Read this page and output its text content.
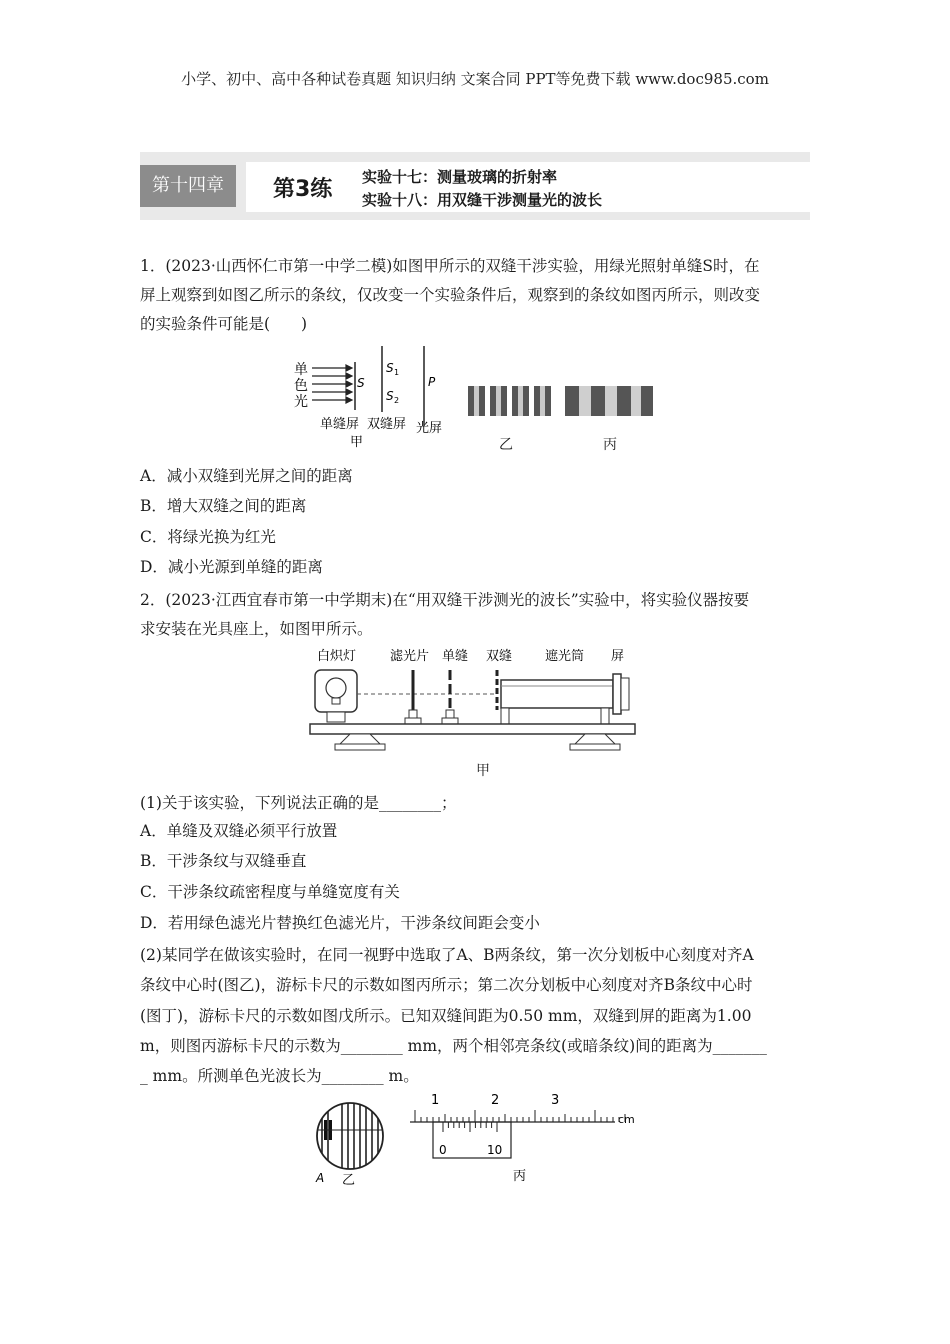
小学、初中、高中各种试卷真题 知识归纳 文案合同 PPT等免费下载 www.doc985.com
第十四章	第3练 实验十七：测量玻璃的折射率
实验十八：用双缝干涉测量光的波长
1．(2023·山西怀仁市第一中学二模)如图甲所示的双缝干涉实验，用绿光照射单缝S时，在
屏上观察到如图乙所示的条纹，仅改变一个实验条件后，观察到的条纹如图丙所示，则改变
的实验条件可能是(　　)
单
色
光
S
S 1
S 2
P
单缝屏 双缝屏 光屏
甲	乙	丙
A．减小双缝到光屏之间的距离
B．增大双缝之间的距离
C．将绿光换为红光
D．减小光源到单缝的距离
2．(2023·江西宜春市第一中学期末)在“用双缝干涉测光的波长”实验中，将实验仪器按要
求安装在光具座上，如图甲所示。
白炽灯	滤光片 单缝 双缝	遮光筒 屏
甲
(1)关于该实验，下列说法正确的是________；
A．单缝及双缝必须平行放置
B．干涉条纹与双缝垂直
C．干涉条纹疏密程度与单缝宽度有关
D．若用绿色滤光片替换红色滤光片，干涉条纹间距会变小
(2)某同学在做该实验时，在同一视野中选取了A、B两条纹，第一次分划板中心刻度对齐A
条纹中心时(图乙)，游标卡尺的示数如图丙所示；第二次分划板中心刻度对齐B条纹中心时
(图丁)，游标卡尺的示数如图戊所示。已知双缝间距为0.50 mm，双缝到屏的距离为1.00
m，则图丙游标卡尺的示数为________ mm，两个相邻亮条纹(或暗条纹)间的距离为_______
_ mm。所测单色光波长为________ m。
A 乙
1	2	3
cm
0	10
丙
